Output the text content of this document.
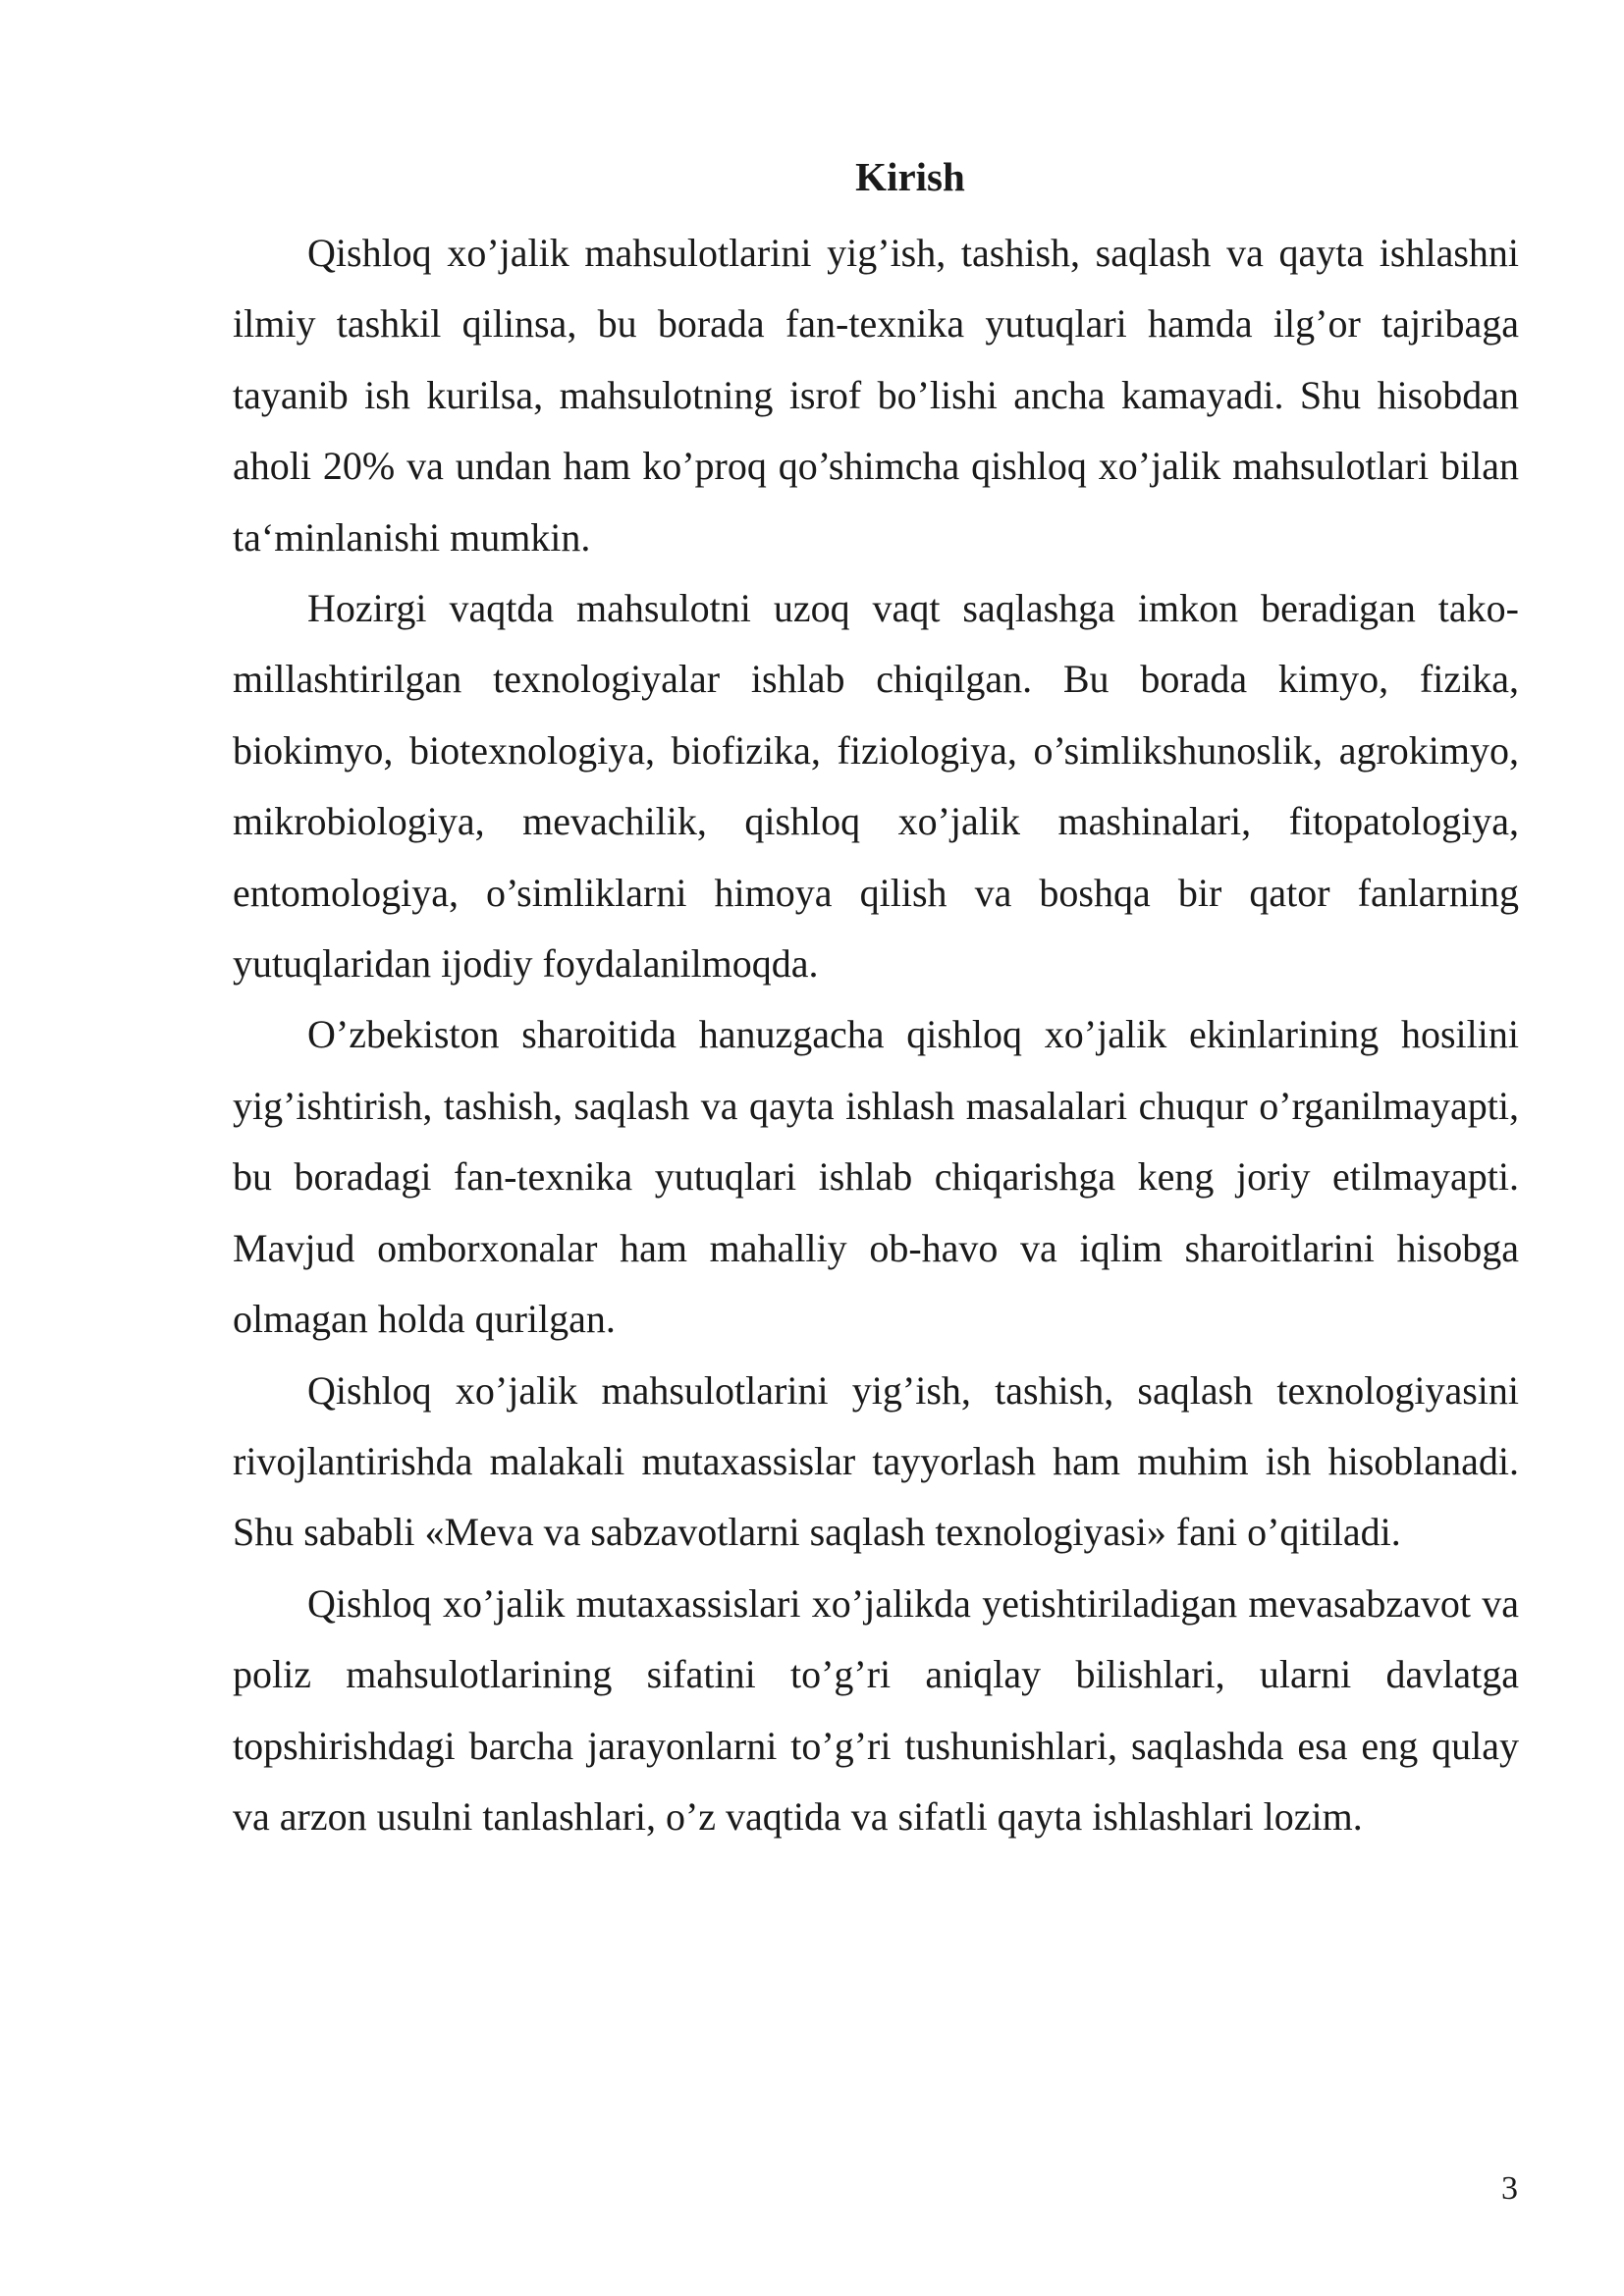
Kirish

Qishloq xo’jalik mahsulotlarini yig’ish, tashish, saqlash va qayta ishlashni ilmiy tashkil qilinsa, bu borada fan-texnika yutuqlari hamda ilg’or tajribaga tayanib ish kurilsa, mahsulotning isrof bo’lishi ancha kamayadi. Shu hisobdan aholi 20% va undan ham ko’proq qo’shimcha qishloq xo’jalik mahsulotlari bilan ta‘minlanishi mumkin.

Hozirgi vaqtda mahsulotni uzoq vaqt saqlashga imkon beradigan takomillashtirilgan texnologiyalar ishlab chiqilgan. Bu borada kimyo, fizika, biokimyo, biotexnologiya, biofizika, fiziologiya, o’simlikshunoslik, agrokimyo, mikrobiologiya, mevachilik, qishloq xo’jalik mashinalari, fitopatologiya, entomologiya, o’simliklarni himoya qilish va boshqa bir qator fanlarning yutuqlaridan ijodiy foydalanilmoqda.

O’zbekiston sharoitida hanuzgacha qishloq xo’jalik ekinlarining hosilini yig’ishtirish, tashish, saqlash va qayta ishlash masalalari chuqur o’rganilmayapti, bu boradagi fan-texnika yutuqlari ishlab chiqarishga keng joriy etilmayapti. Mavjud omborxonalar ham mahalliy ob-havo va iqlim sharoitlarini hisobga olmagan holda qurilgan.

Qishloq xo’jalik mahsulotlarini yig’ish, tashish, saqlash texnologiyasini rivojlantirishda malakali mutaxassislar tayyorlash ham muhim ish hisoblanadi. Shu sababli «Meva va sabzavotlarni saqlash texnologiyasi» fani o’qitiladi.

Qishloq xo’jalik mutaxassislari xo’jalikda yetishtiriladigan mevasabzavot va poliz mahsulotlarining sifatini to’g’ri aniqlay bilishlari, ularni davlatga topshirishdagi barcha jarayonlarni to’g’ri tushunishlari, saqlashda esa eng qulay va arzon usulni tanlashlari, o’z vaqtida va sifatli qayta ishlashlari lozim.

3
